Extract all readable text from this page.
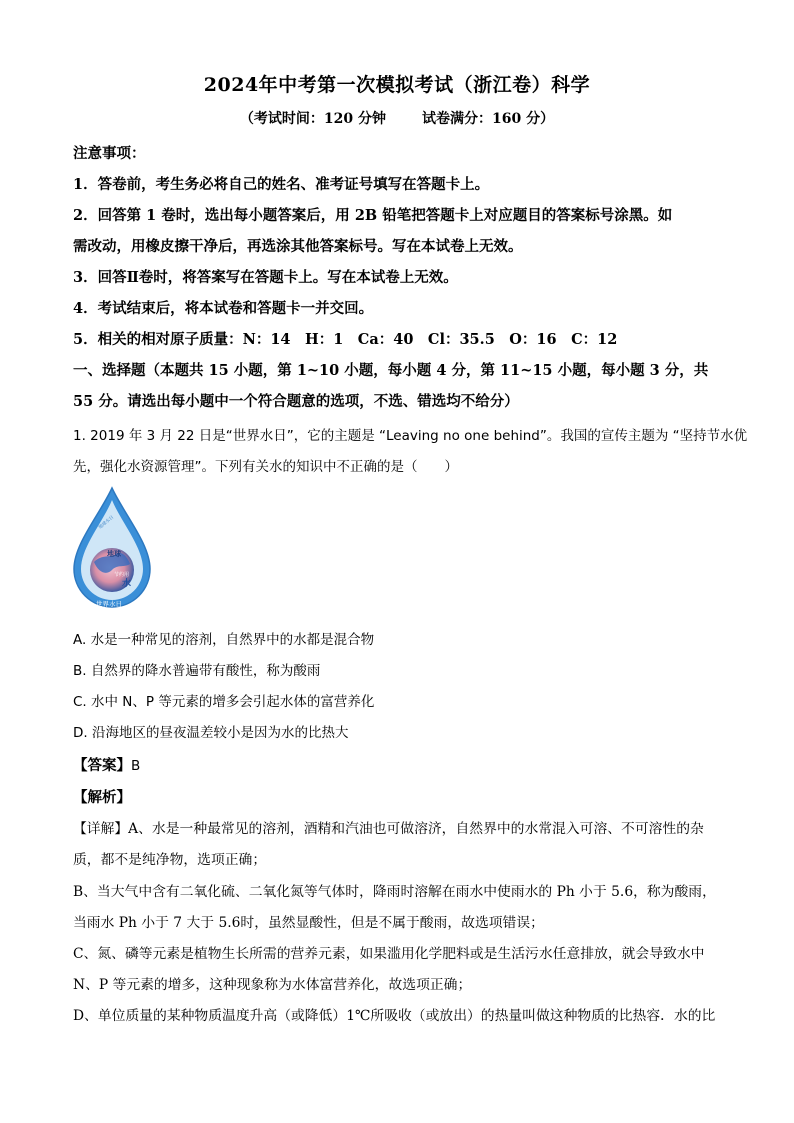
2024年中考第一次模拟考试（浙江卷）科学
（考试时间：120 分钟	试卷满分：160 分）
注意事项：
1．答卷前，考生务必将自己的姓名、准考证号填写在答题卡上。
2．回答第 1 卷时，选出每小题答案后，用 2B 铅笔把答题卡上对应题目的答案标号涂黑。如
需改动，用橡皮擦干净后，再选涂其他答案标号。写在本试卷上无效。
3．回答Ⅱ卷时，将答案写在答题卡上。写在本试卷上无效。
4．考试结束后，将本试卷和答题卡一并交回。
5．相关的相对原子质量：N：14　H：1　Ca：40　Cl：35.5　O：16　C：12
一、选择题（本题共 15 小题，第 1~10 小题，每小题 4 分，第 11~15 小题，每小题 3 分，共
55 分。请选出每小题中一个符合题意的选项，不选、错选均不给分）
1. 2019 年 3 月 22 日是“世界水日”，它的主题是 “Leaving no one behind”。我国的宣传主题为 “坚持节水优
先，强化水资源管理”。下列有关水的知识中不正确的是（　　）
地球
节约用
水
世界水日
地球水日
A. 水是一种常见的溶剂，自然界中的水都是混合物
B. 自然界的降水普遍带有酸性，称为酸雨
C. 水中 N、P 等元素的增多会引起水体的富营养化
D. 沿海地区的昼夜温差较小是因为水的比热大
【答案】B
【解析】
【详解】A、水是一种最常见的溶剂，酒精和汽油也可做溶济，自然界中的水常混入可溶、不可溶性的杂
质，都不是纯净物，选项正确；
B、当大气中含有二氧化硫、二氧化氮等气体时，降雨时溶解在雨水中使雨水的 Ph 小于 5.6，称为酸雨，
当雨水 Ph 小于 7 大于 5.6时，虽然显酸性，但是不属于酸雨，故选项错误；
C、氮、磷等元素是植物生长所需的营养元素，如果滥用化学肥料或是生活污水任意排放，就会导致水中
N、P 等元素的增多，这种现象称为水体富营养化，故选项正确；
D、单位质量的某种物质温度升高（或降低）1℃所吸收（或放出）的热量叫做这种物质的比热容．水的比
